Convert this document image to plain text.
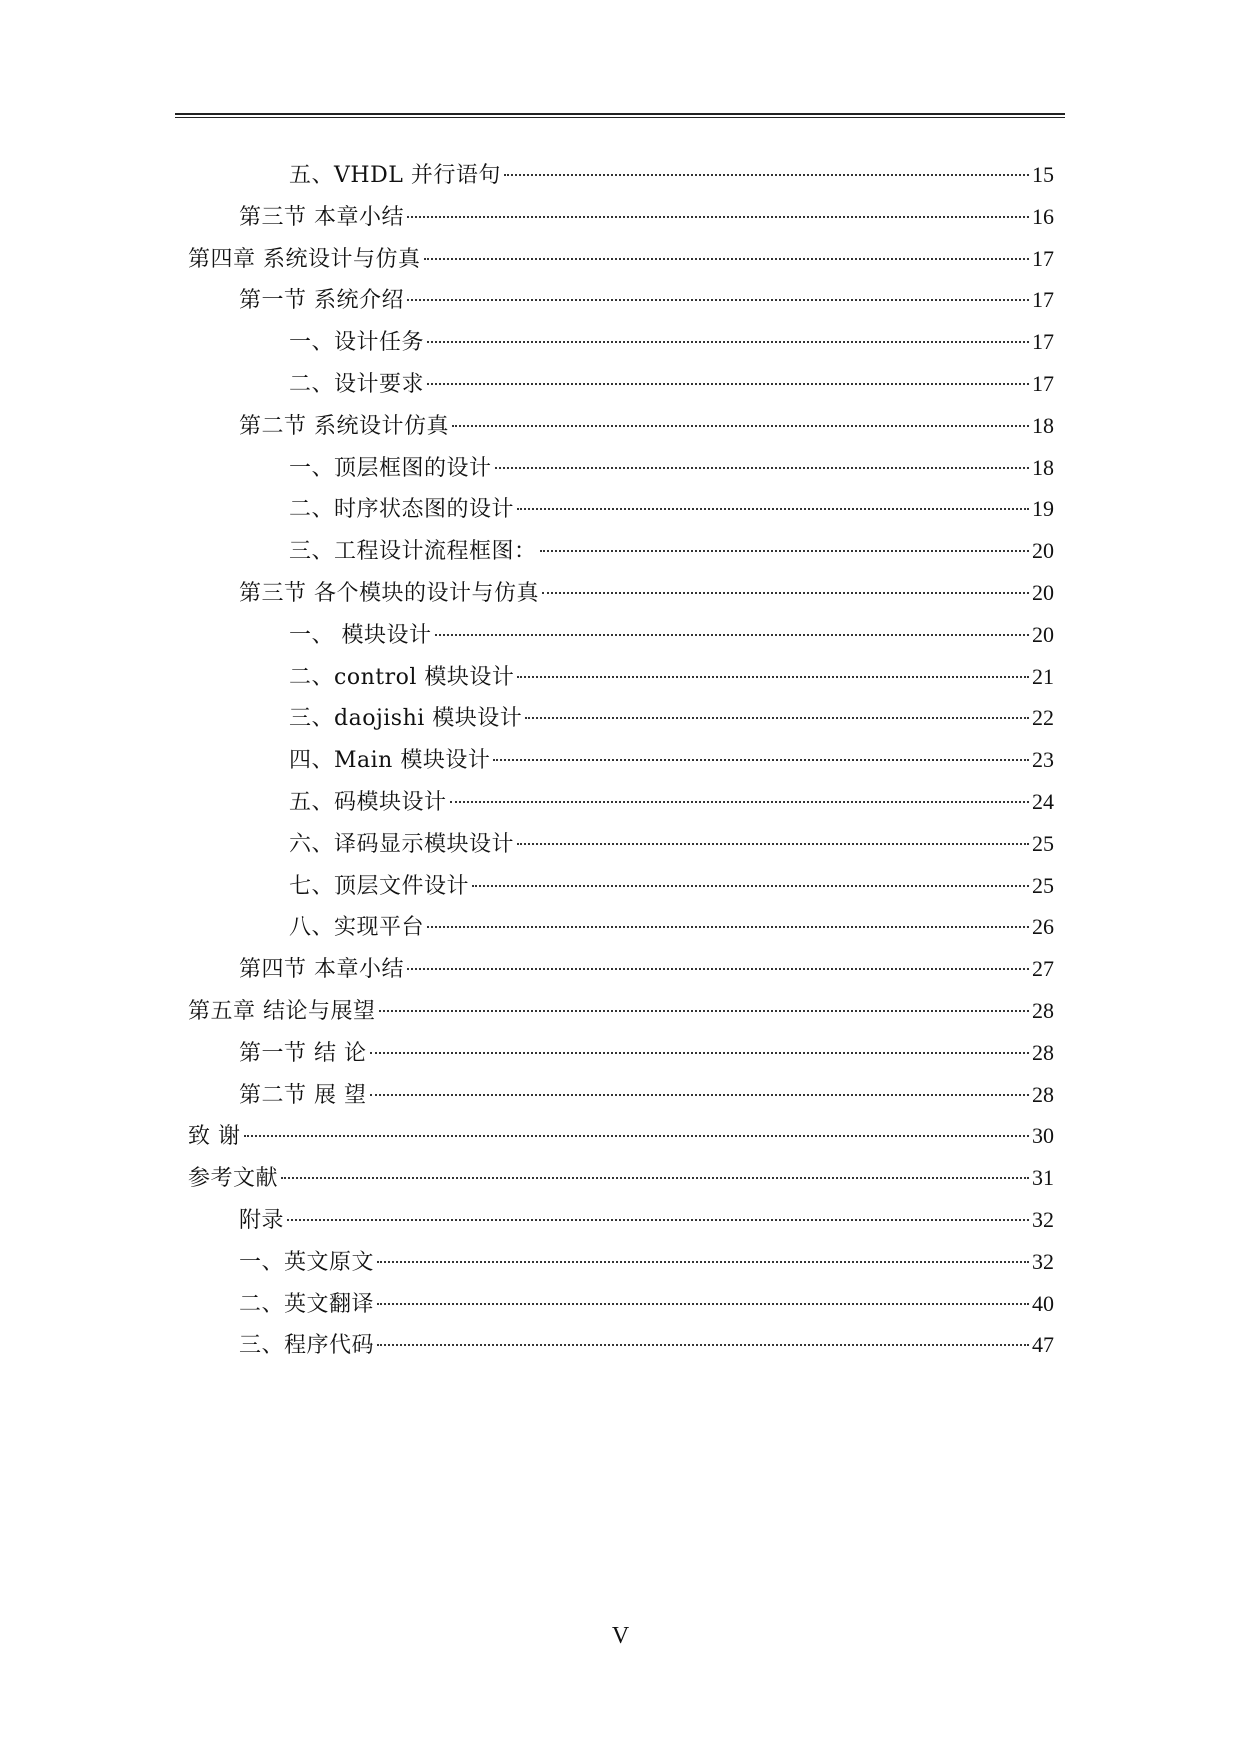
五、VHDL 并行语句	15
第三节 本章小结	16
第四章 系统设计与仿真	17
第一节 系统介绍	17
一、设计任务	17
二、设计要求	17
第二节 系统设计仿真	18
一、顶层框图的设计	18
二、时序状态图的设计	19
三、工程设计流程框图：	20
第三节 各个模块的设计与仿真	20
一、 模块设计	20
二、control 模块设计	21
三、daojishi 模块设计	22
四、Main 模块设计	23
五、码模块设计	24
六、译码显示模块设计	25
七、顶层文件设计	25
八、实现平台	26
第四节 本章小结	27
第五章 结论与展望	28
第一节 结 论	28
第二节 展 望	28
致 谢	30
参考文献	31
附录	32
一、英文原文	32
二、英文翻译	40
三、程序代码	47
V
